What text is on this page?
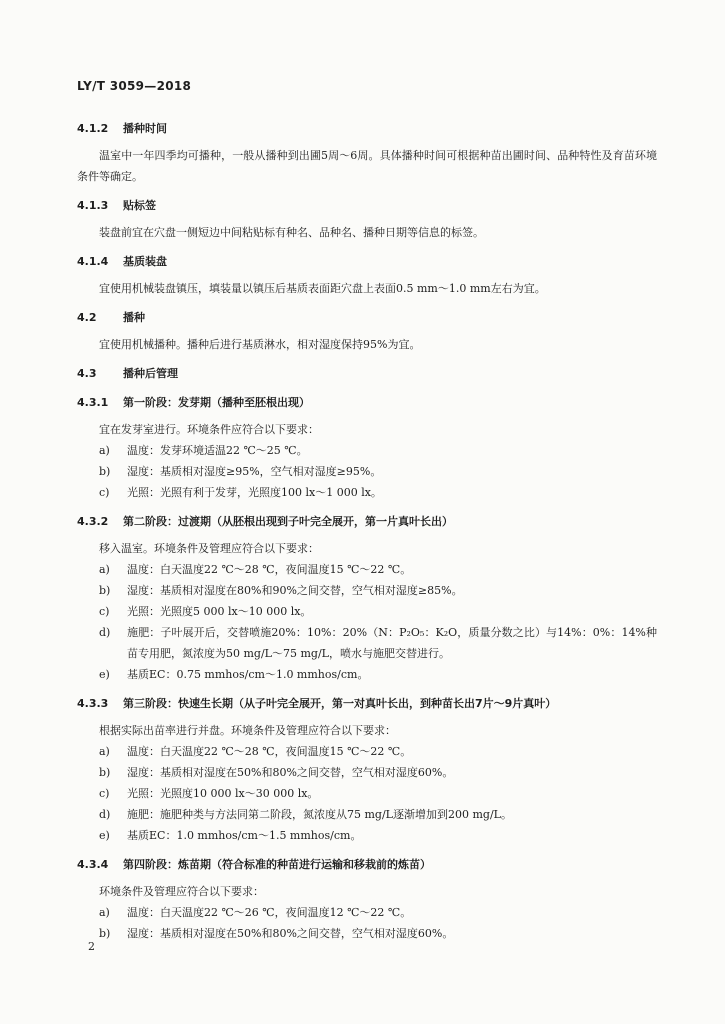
LY/T 3059—2018
4.1.2 播种时间

温室中一年四季均可播种，一般从播种到出圃5周～6周。具体播种时间可根据种苗出圃时间、品种特性及育苗环境条件等确定。

4.1.3 贴标签

装盘前宜在穴盘一侧短边中间粘贴标有种名、品种名、播种日期等信息的标签。

4.1.4 基质装盘

宜使用机械装盘镇压，填装量以镇压后基质表面距穴盘上表面0.5 mm～1.0 mm左右为宜。

4.2 播种

宜使用机械播种。播种后进行基质淋水，相对湿度保持95%为宜。

4.3 播种后管理
4.3.1 第一阶段：发芽期（播种至胚根出现）

宜在发芽室进行。环境条件应符合以下要求：

a) 温度：发芽环境适温22 ℃～25 ℃。

b) 湿度：基质相对湿度≥95%，空气相对湿度≥95%。

c) 光照：光照有利于发芽，光照度100 lx～1 000 lx。

4.3.2 第二阶段：过渡期（从胚根出现到子叶完全展开，第一片真叶长出）

移入温室。环境条件及管理应符合以下要求：

a) 温度：白天温度22 ℃～28 ℃，夜间温度15 ℃～22 ℃。

b) 湿度：基质相对湿度在80%和90%之间交替，空气相对湿度≥85%。

c) 光照：光照度5 000 lx～10 000 lx。

d) 施肥：子叶展开后，交替喷施20%：10%：20%（N：P₂O₅：K₂O，质量分数之比）与14%：0%：14%种苗专用肥，氮浓度为50 mg/L～75 mg/L，喷水与施肥交替进行。

e) 基质EC：0.75 mmhos/cm～1.0 mmhos/cm。

4.3.3 第三阶段：快速生长期（从子叶完全展开，第一对真叶长出，到种苗长出7片～9片真叶）

根据实际出苗率进行并盘。环境条件及管理应符合以下要求：

a) 温度：白天温度22 ℃～28 ℃，夜间温度15 ℃～22 ℃。

b) 湿度：基质相对湿度在50%和80%之间交替，空气相对湿度60%。

c) 光照：光照度10 000 lx～30 000 lx。

d) 施肥：施肥种类与方法同第二阶段，氮浓度从75 mg/L逐渐增加到200 mg/L。

e) 基质EC：1.0 mmhos/cm～1.5 mmhos/cm。

4.3.4 第四阶段：炼苗期（符合标准的种苗进行运输和移栽前的炼苗）

环境条件及管理应符合以下要求：

a) 温度：白天温度22 ℃～26 ℃，夜间温度12 ℃～22 ℃。

b) 湿度：基质相对湿度在50%和80%之间交替，空气相对湿度60%。

2
